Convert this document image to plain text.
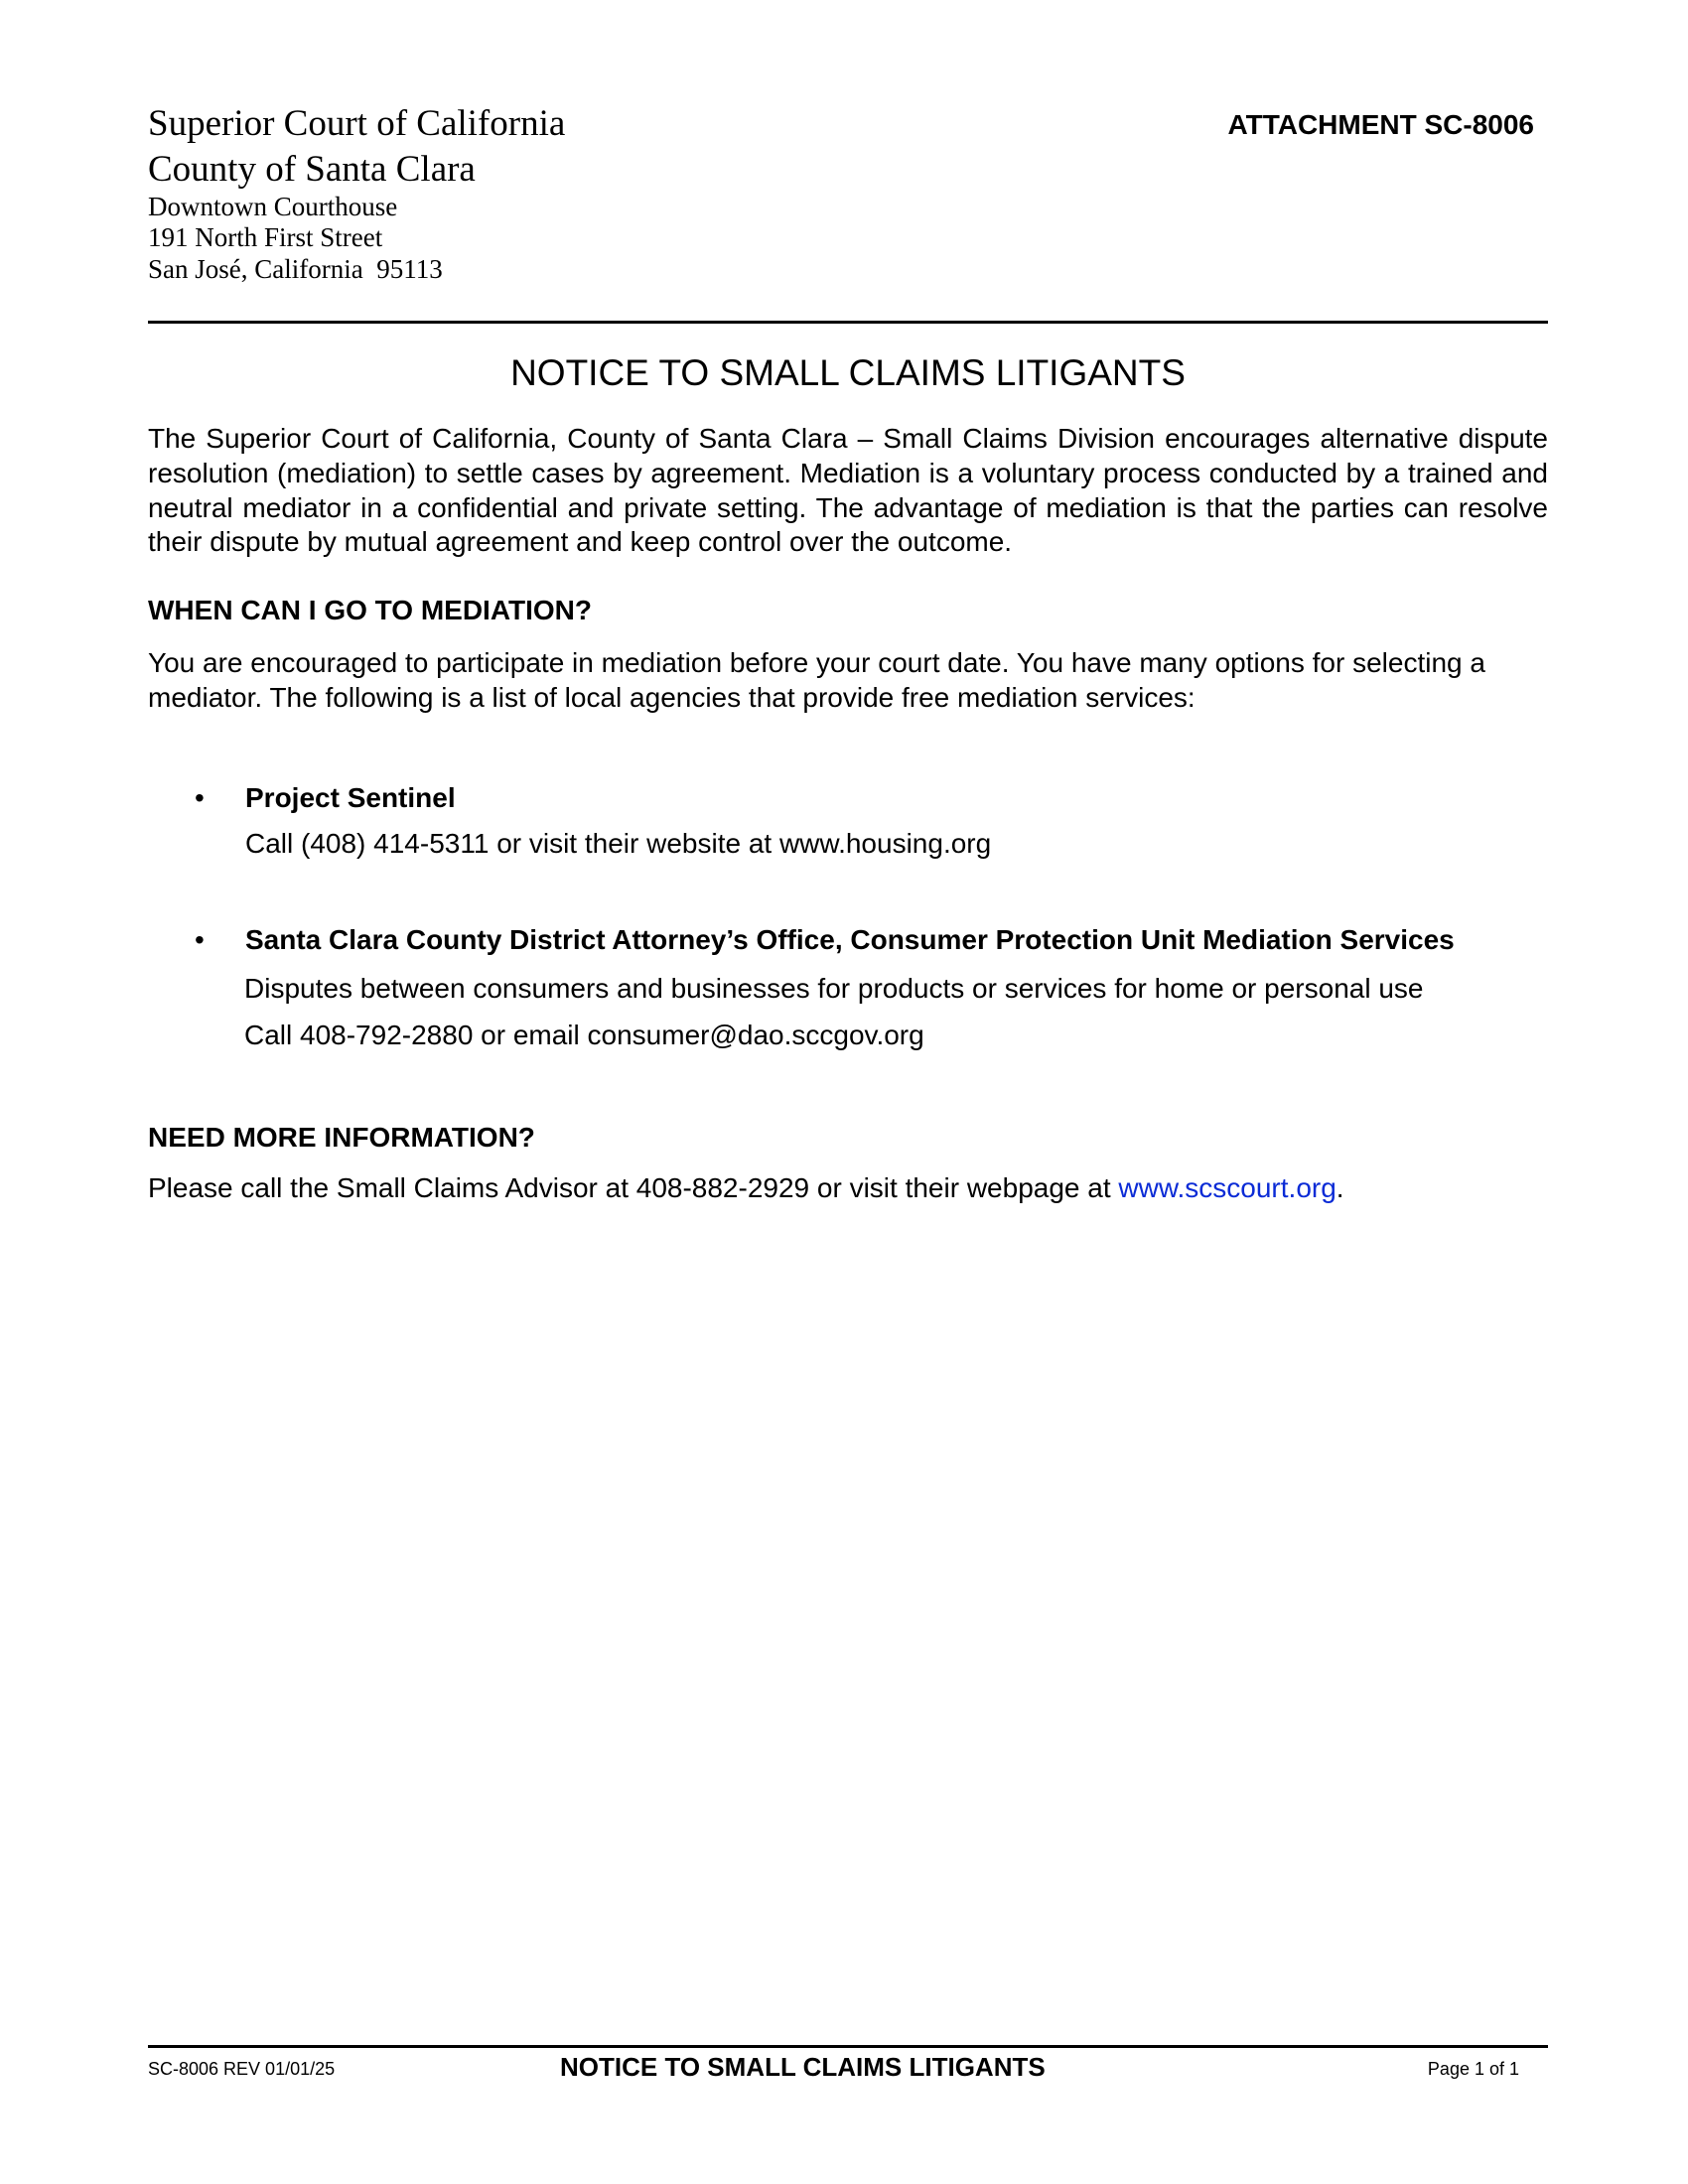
Superior Court of California
County of Santa Clara
Downtown Courthouse
191 North First Street
San José, California  95113
ATTACHMENT SC-8006
NOTICE TO SMALL CLAIMS LITIGANTS
The Superior Court of California, County of Santa Clara – Small Claims Division encourages alternative dispute resolution (mediation) to settle cases by agreement. Mediation is a voluntary process conducted by a trained and neutral mediator in a confidential and private setting. The advantage of mediation is that the parties can resolve their dispute by mutual agreement and keep control over the outcome.
WHEN CAN I GO TO MEDIATION?
You are encouraged to participate in mediation before your court date. You have many options for selecting a mediator. The following is a list of local agencies that provide free mediation services:
• Project Sentinel
Call (408) 414-5311 or visit their website at www.housing.org
• Santa Clara County District Attorney’s Office, Consumer Protection Unit Mediation Services
Disputes between consumers and businesses for products or services for home or personal use
Call 408-792-2880 or email consumer@dao.sccgov.org
NEED MORE INFORMATION?
Please call the Small Claims Advisor at 408-882-2929 or visit their webpage at www.scscourt.org.
SC-8006 REV 01/01/25	NOTICE TO SMALL CLAIMS LITIGANTS	Page 1 of 1
